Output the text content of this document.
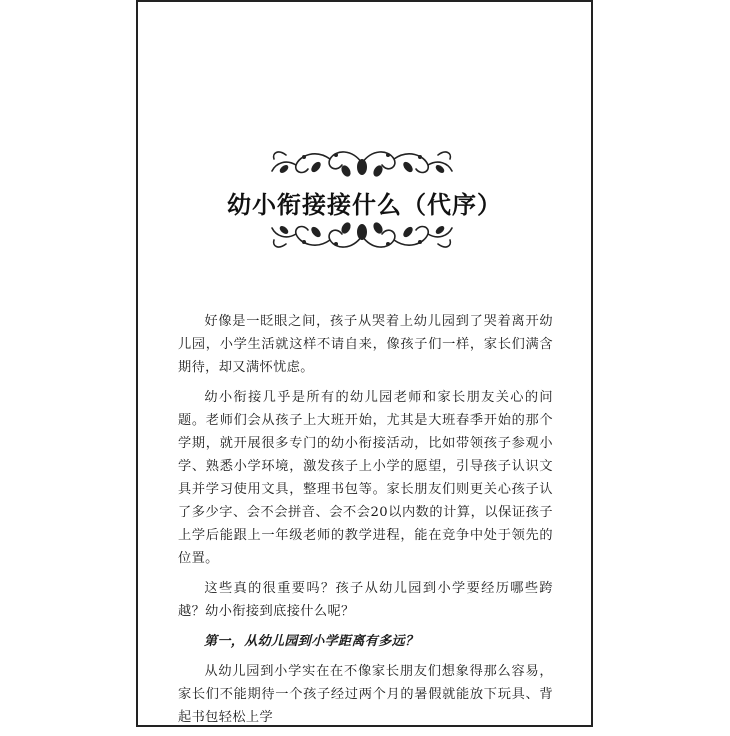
幼小衔接接什么（代序）

好像是一眨眼之间，孩子从哭着上幼儿园到了哭着离开幼儿园，小学生活就这样不请自来，像孩子们一样，家长们满含期待，却又满怀忧虑。

幼小衔接几乎是所有的幼儿园老师和家长朋友关心的问题。老师们会从孩子上大班开始，尤其是大班春季开始的那个学期，就开展很多专门的幼小衔接活动，比如带领孩子参观小学、熟悉小学环境，激发孩子上小学的愿望，引导孩子认识文具并学习使用文具，整理书包等。家长朋友们则更关心孩子认了多少字、会不会拼音、会不会20以内数的计算，以保证孩子上学后能跟上一年级老师的教学进程，能在竞争中处于领先的位置。

这些真的很重要吗？孩子从幼儿园到小学要经历哪些跨越？幼小衔接到底接什么呢？

第一，从幼儿园到小学距离有多远？

从幼儿园到小学实在在不像家长朋友们想象得那么容易，家长们不能期待一个孩子经过两个月的暑假就能放下玩具、背起书包轻松上学
